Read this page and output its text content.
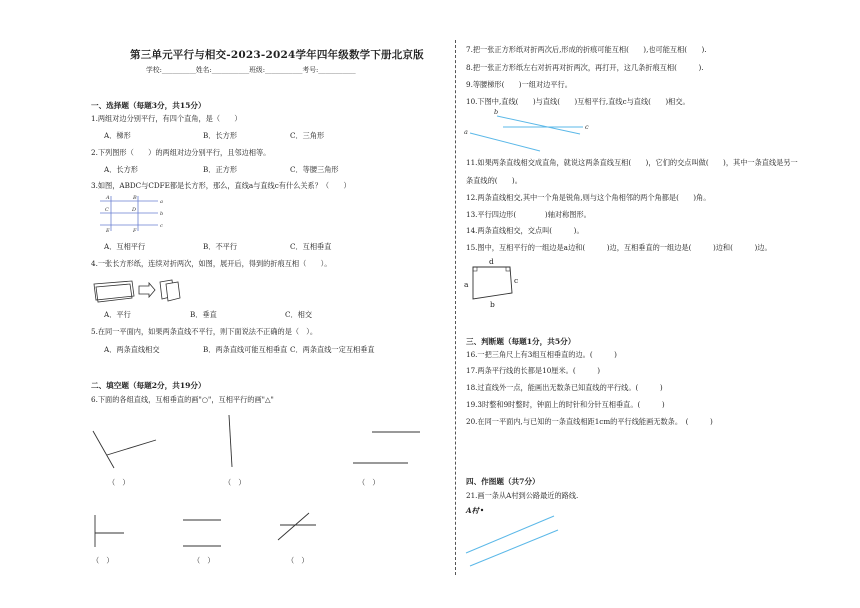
第三单元平行与相交-2023-2024学年四年级数学下册北京版
学校:__________姓名:___________班级:___________考号:___________
一、选择题（每题3分，共15分）
1.两组对边分别平行，有四个直角，是（　　）
A．梯形	B．长方形	C．三角形
2.下列图形（　　）的两组对边分别平行，且邻边相等。
A．长方形	B．正方形	C．等腰三角形
3.如图，ABDC与CDFE都是长方形，那么，直线a与直线c有什么关系？（　　）
A	B
C	D
E	F
a
b
c
A．互相平行	B．不平行	C．互相垂直
4.一张长方形纸，连续对折两次，如图，展开后，得到的折痕互相（　　）。
A．平行	B．垂直	C．相交
5.在同一平面内，如果两条直线不平行，则下面说法不正确的是（　）。
A．两条直线相交	B．两条直线可能互相垂直 C．两条直线一定互相垂直
二、填空题（每题2分，共19分）
6.下面的各组直线，互相垂直的画"○"，互相平行的画"△"
（　）	（　）	（　）
（　）	（　）	（　）
7.把一张正方形纸对折两次后,形成的折痕可能互相(　　),也可能互相(　　).
8.把一张正方形纸左右对折再对折两次，再打开，这几条折痕互相(　　　).
9.等腰梯形(　　)一组对边平行。
10.下图中,直线(　　)与直线(　　)互相平行,直线c与直线(　　)相交。
b
c
a
11.如果两条直线相交成直角，就说这两条直线互相(　　)，它们的交点叫做(　　)，其中一条直线是另一
条直线的(　　)。
12.两条直线相交,其中一个角是锐角,则与这个角相邻的两个角都是(　　)角。
13.平行四边形(　　　　)轴对称图形。
14.两条直线相交，交点叫(　　　)。
15.图中，互相平行的一组边是a边和(　　　)边，互相垂直的一组边是(　　　)边和(　　　)边。
d
a	c
b
三、判断题（每题1分，共5分）
16.一把三角尺上有3组互相垂直的边。(　　　)
17.两条平行线的长都是10厘米。(　　　)
18.过直线外一点，能画出无数条已知直线的平行线。(　　　)
19.3时整和9时整时，钟面上的时针和分针互相垂直。(　　　)
20.在同一平面内,与已知的一条直线相距1cm的平行线能画无数条。　(　　　)
四、作图题（共7分）
21.画一条从A村到公路最近的路线.
A村
